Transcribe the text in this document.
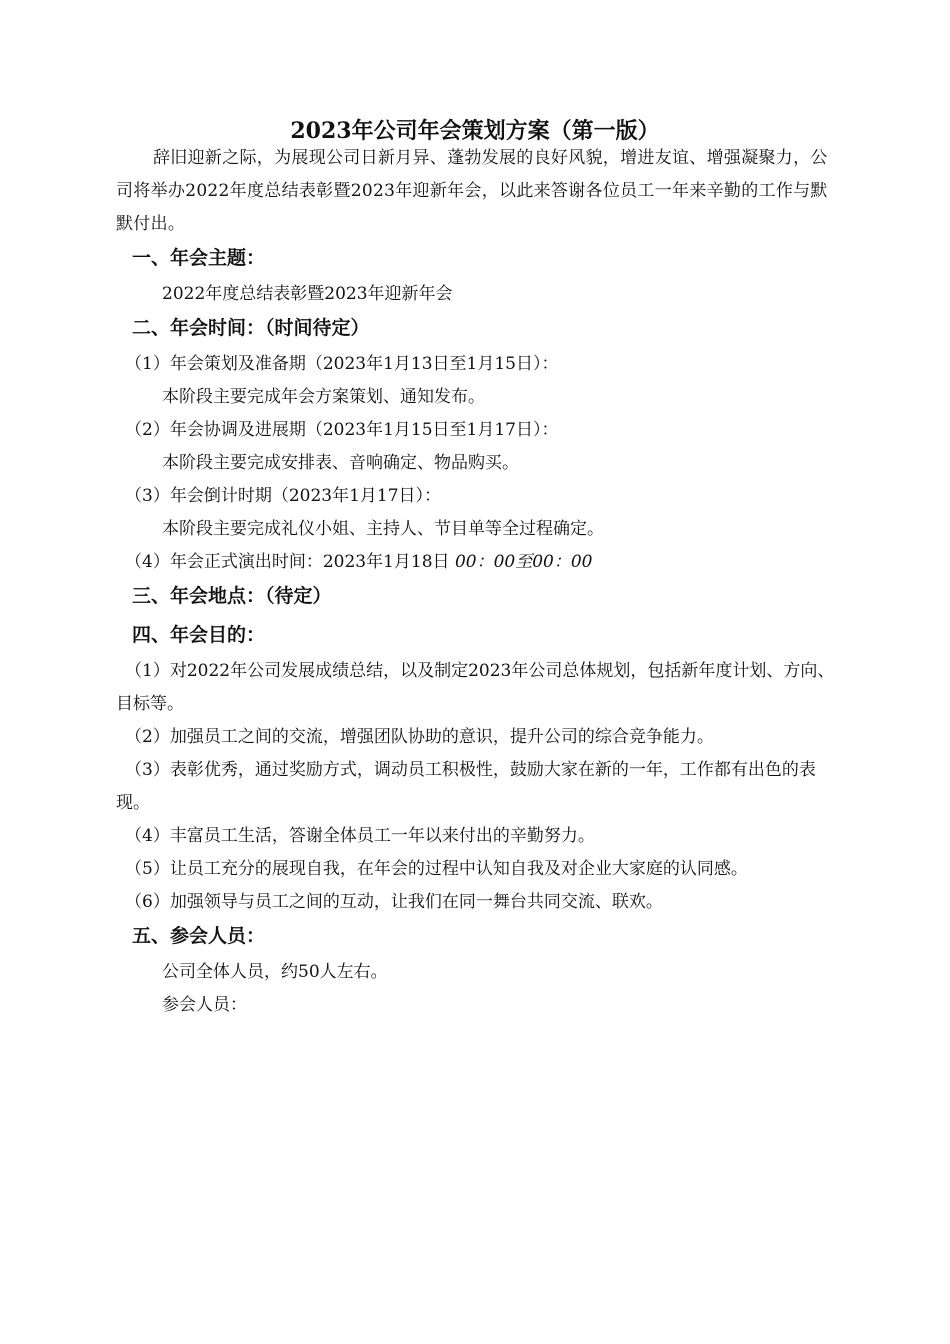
2023年公司年会策划方案（第一版）
辞旧迎新之际，为展现公司日新月异、蓬勃发展的良好风貌，增进友谊、增强凝聚力，公司将举办2022年度总结表彰暨2023年迎新年会，以此来答谢各位员工一年来辛勤的工作与默默付出。
一、年会主题：
2022年度总结表彰暨2023年迎新年会
二、年会时间：（时间待定）
（1）年会策划及准备期（2023年1月13日至1月15日）：
本阶段主要完成年会方案策划、通知发布。
（2）年会协调及进展期（2023年1月15日至1月17日）：
本阶段主要完成安排表、音响确定、物品购买。
（3）年会倒计时期（2023年1月17日）：
本阶段主要完成礼仪小姐、主持人、节目单等全过程确定。
（4）年会正式演出时间：2023年1月18日 00：00至00：00
三、年会地点：（待定）
四、年会目的：
（1）对2022年公司发展成绩总结，以及制定2023年公司总体规划，包括新年度计划、方向、目标等。
（2）加强员工之间的交流，增强团队协助的意识，提升公司的综合竞争能力。
（3）表彰优秀，通过奖励方式，调动员工积极性，鼓励大家在新的一年，工作都有出色的表现。
（4）丰富员工生活，答谢全体员工一年以来付出的辛勤努力。
（5）让员工充分的展现自我，在年会的过程中认知自我及对企业大家庭的认同感。
（6）加强领导与员工之间的互动，让我们在同一舞台共同交流、联欢。
五、参会人员：
公司全体人员，约50人左右。
参会人员：
